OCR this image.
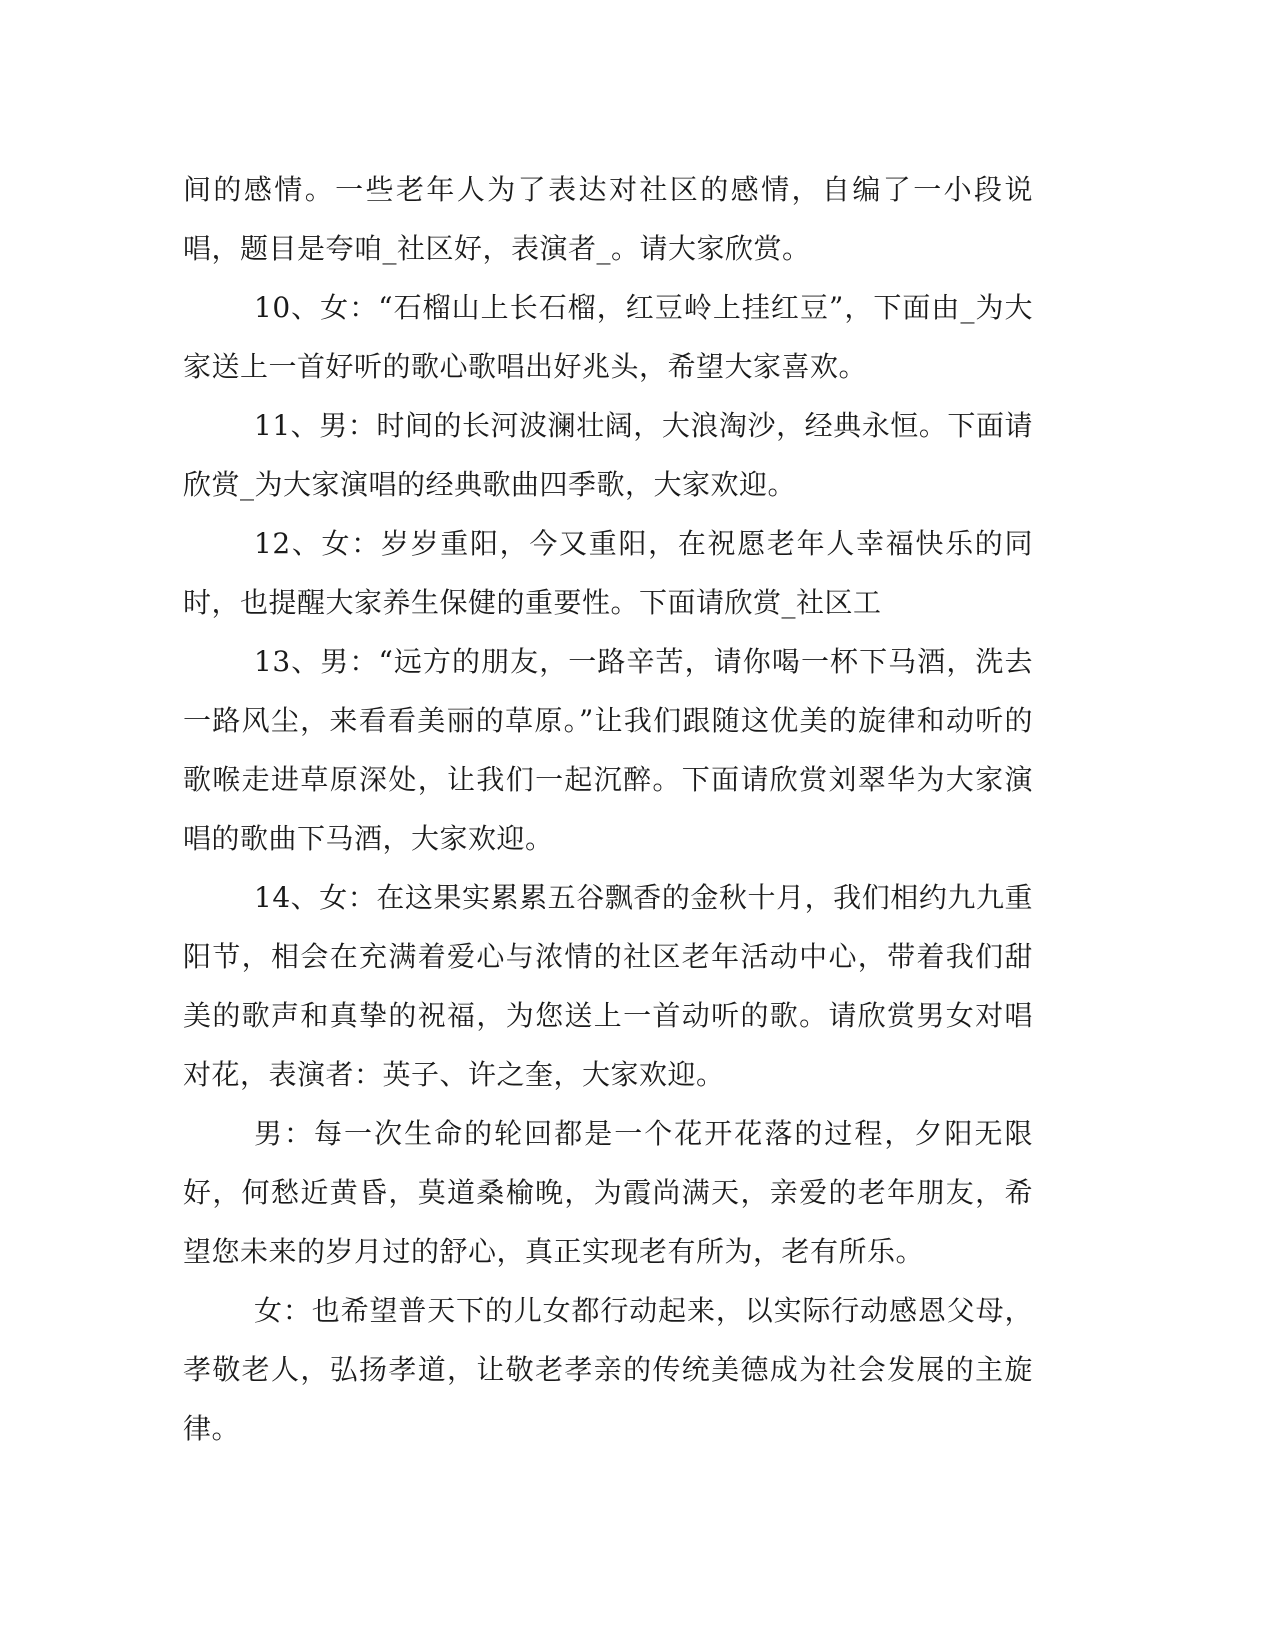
间的感情。一些老年人为了表达对社区的感情，自编了一小段说唱，题目是夸咱_社区好，表演者_。请大家欣赏。

10、女：“石榴山上长石榴，红豆岭上挂红豆”，下面由_为大家送上一首好听的歌心歌唱出好兆头，希望大家喜欢。

11、男：时间的长河波澜壮阔，大浪淘沙，经典永恒。下面请欣赏_为大家演唱的经典歌曲四季歌，大家欢迎。

12、女：岁岁重阳，今又重阳，在祝愿老年人幸福快乐的同时，也提醒大家养生保健的重要性。下面请欣赏_社区工

13、男：“远方的朋友，一路辛苦，请你喝一杯下马酒，洗去一路风尘，来看看美丽的草原。”让我们跟随这优美的旋律和动听的歌喉走进草原深处，让我们一起沉醉。下面请欣赏刘翠华为大家演唱的歌曲下马酒，大家欢迎。

14、女：在这果实累累五谷飘香的金秋十月，我们相约九九重阳节，相会在充满着爱心与浓情的社区老年活动中心，带着我们甜美的歌声和真挚的祝福，为您送上一首动听的歌。请欣赏男女对唱对花，表演者：英子、许之奎，大家欢迎。

男：每一次生命的轮回都是一个花开花落的过程，夕阳无限好，何愁近黄昏，莫道桑榆晚，为霞尚满天，亲爱的老年朋友，希望您未来的岁月过的舒心，真正实现老有所为，老有所乐。

女：也希望普天下的儿女都行动起来，以实际行动感恩父母，孝敬老人，弘扬孝道，让敬老孝亲的传统美德成为社会发展的主旋律。
